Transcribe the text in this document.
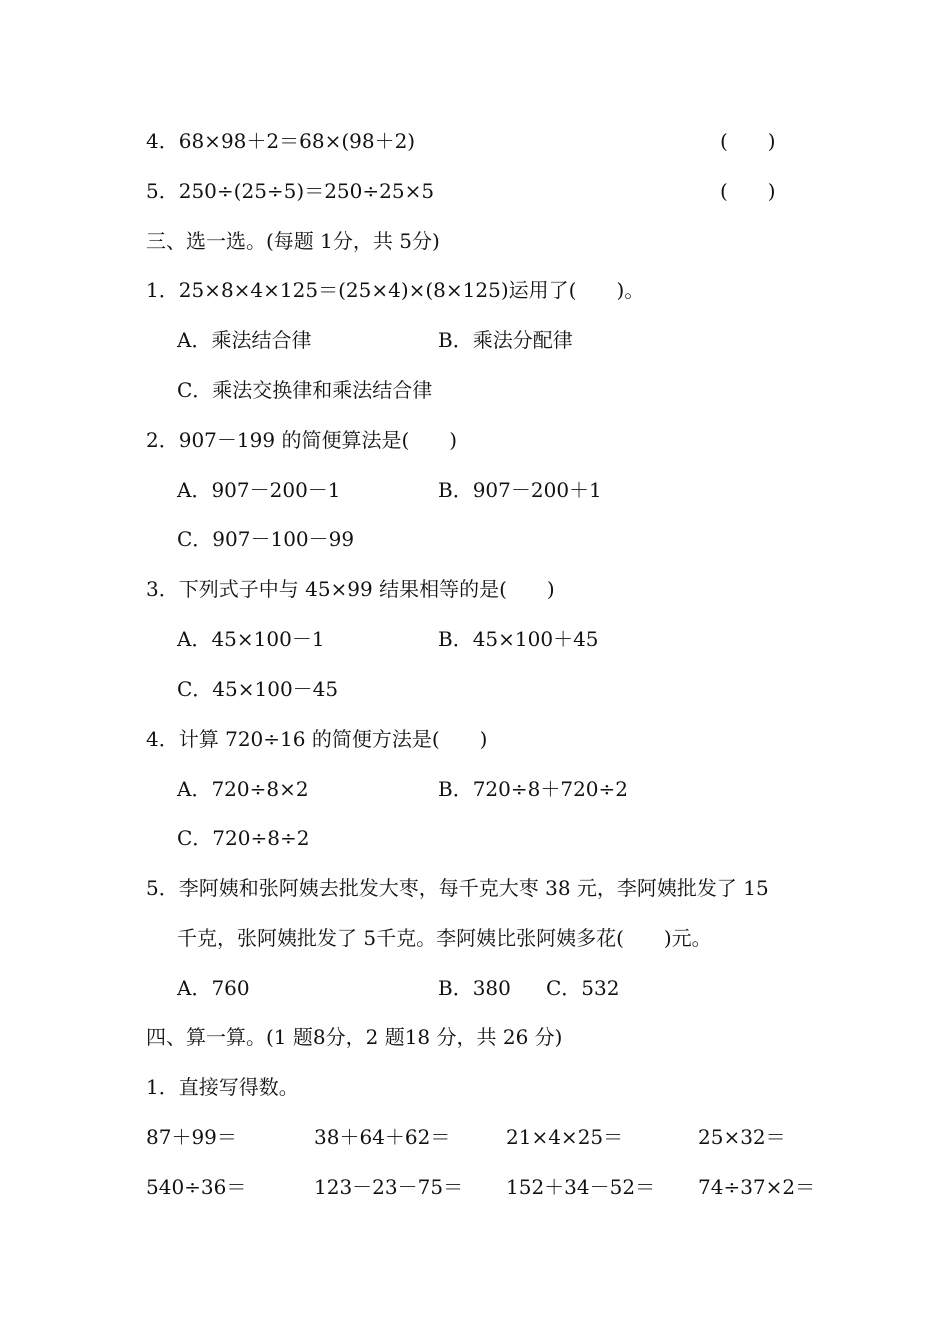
4．68×98＋2＝68×(98＋2)	(　　)
5．250÷(25÷5)＝250÷25×5	(　　)
三、选一选。(每题 1分，共 5分)
1．25×8×4×125＝(25×4)×(8×125)运用了(　　)。
A．乘法结合律	B．乘法分配律
C．乘法交换律和乘法结合律
2．907－199 的简便算法是(　　)
A．907－200－1	B．907－200＋1
C．907－100－99
3．下列式子中与 45×99 结果相等的是(　　)
A．45×100－1	B．45×100＋45
C．45×100－45
4．计算 720÷16 的简便方法是(　　)
A．720÷8×2	B．720÷8＋720÷2
C．720÷8÷2
5．李阿姨和张阿姨去批发大枣，每千克大枣 38 元，李阿姨批发了 15
千克，张阿姨批发了 5千克。李阿姨比张阿姨多花(　　)元。
A．760	B．380 C．532
四、算一算。(1 题8分，2 题18 分，共 26 分)
1．直接写得数。
87＋99＝	38＋64＋62＝	21×4×25＝	25×32＝
540÷36＝	123－23－75＝ 152＋34－52＝ 74÷37×2＝
